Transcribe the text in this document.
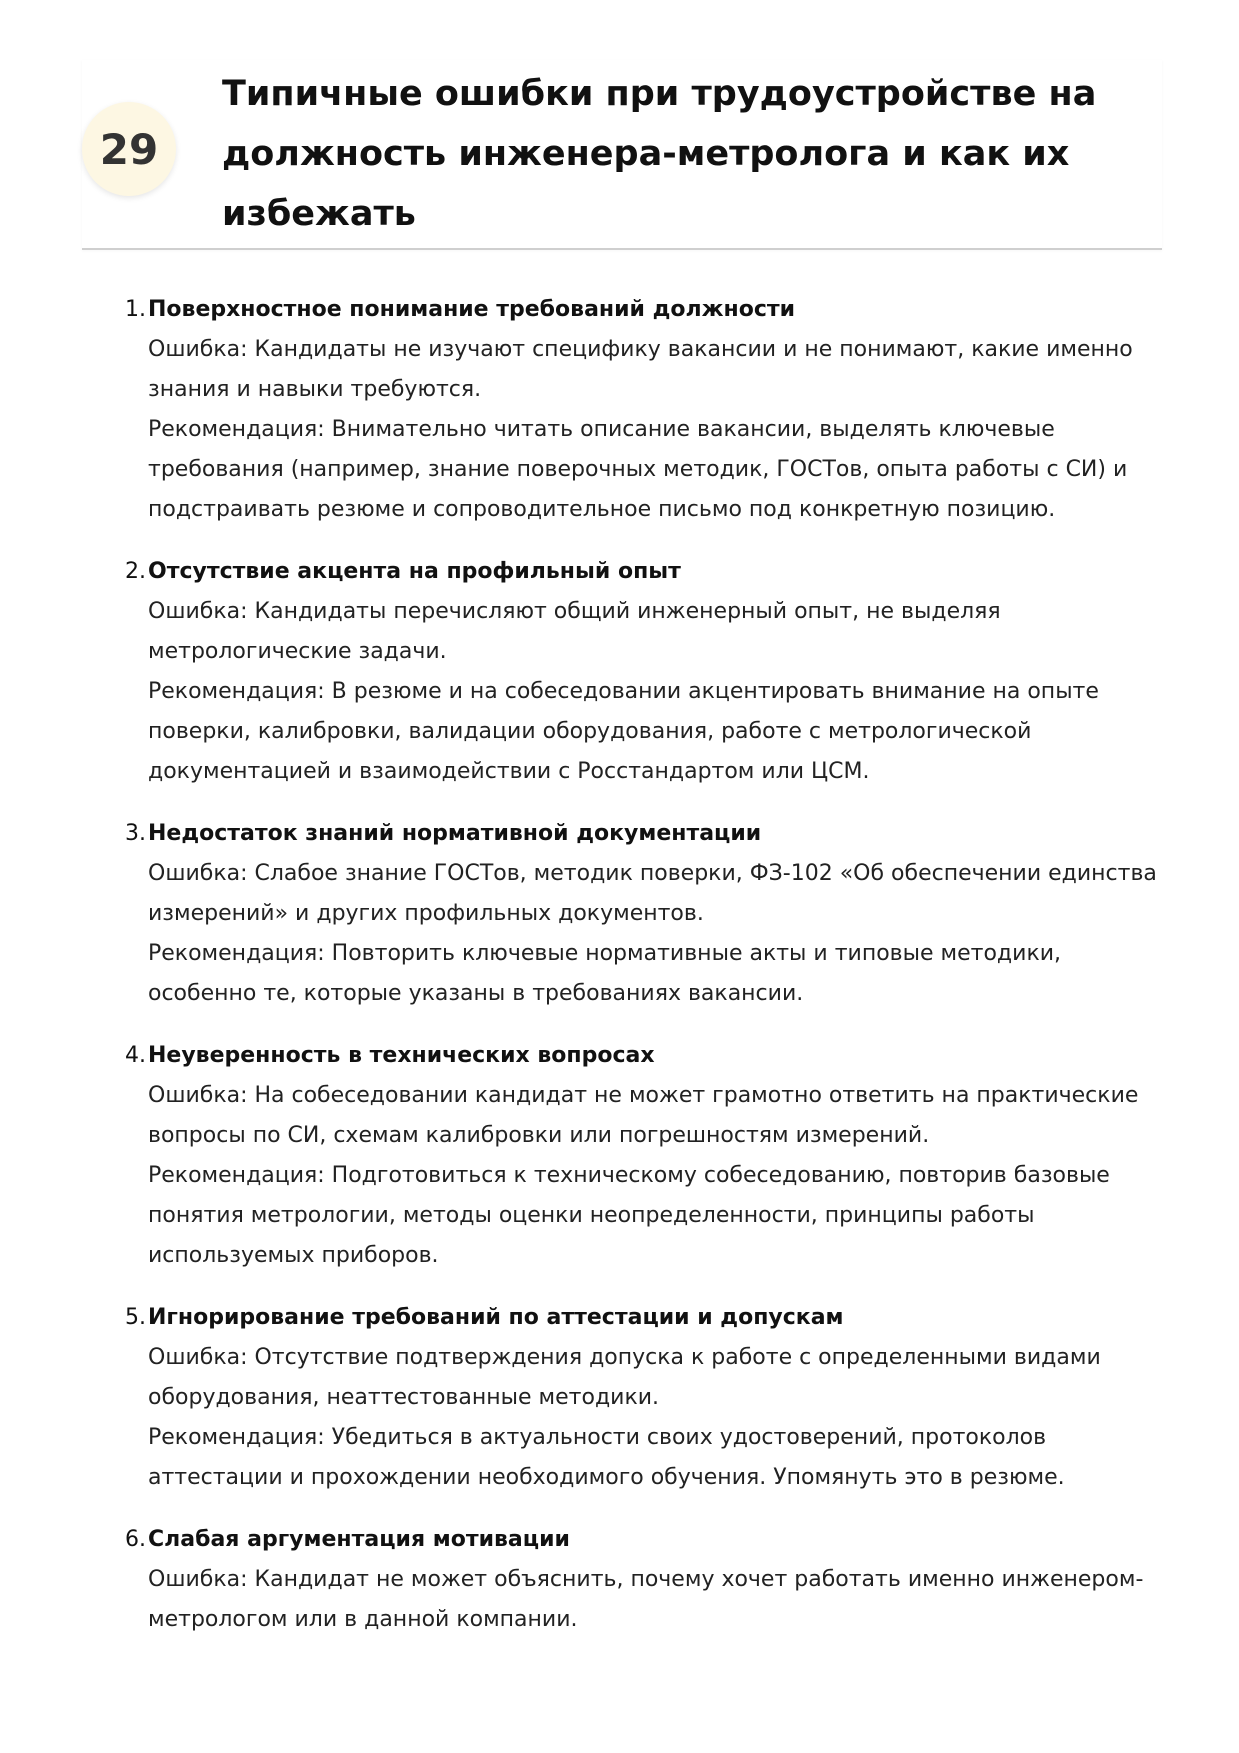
29
Типичные ошибки при трудоустройстве на должность инженера-метролога и как их избежать
1. Поверхностное понимание требований должности
Ошибка: Кандидаты не изучают специфику вакансии и не понимают, какие именно знания и навыки требуются.
Рекомендация: Внимательно читать описание вакансии, выделять ключевые требования (например, знание поверочных методик, ГОСТов, опыта работы с СИ) и подстраивать резюме и сопроводительное письмо под конкретную позицию.
2. Отсутствие акцента на профильный опыт
Ошибка: Кандидаты перечисляют общий инженерный опыт, не выделяя метрологические задачи.
Рекомендация: В резюме и на собеседовании акцентировать внимание на опыте поверки, калибровки, валидации оборудования, работе с метрологической документацией и взаимодействии с Росстандартом или ЦСМ.
3. Недостаток знаний нормативной документации
Ошибка: Слабое знание ГОСТов, методик поверки, ФЗ-102 «Об обеспечении единства измерений» и других профильных документов.
Рекомендация: Повторить ключевые нормативные акты и типовые методики, особенно те, которые указаны в требованиях вакансии.
4. Неуверенность в технических вопросах
Ошибка: На собеседовании кандидат не может грамотно ответить на практические вопросы по СИ, схемам калибровки или погрешностям измерений.
Рекомендация: Подготовиться к техническому собеседованию, повторив базовые понятия метрологии, методы оценки неопределенности, принципы работы используемых приборов.
5. Игнорирование требований по аттестации и допускам
Ошибка: Отсутствие подтверждения допуска к работе с определенными видами оборудования, неаттестованные методики.
Рекомендация: Убедиться в актуальности своих удостоверений, протоколов аттестации и прохождении необходимого обучения. Упомянуть это в резюме.
6. Слабая аргументация мотивации
Ошибка: Кандидат не может объяснить, почему хочет работать именно инженером-метрологом или в данной компании.
